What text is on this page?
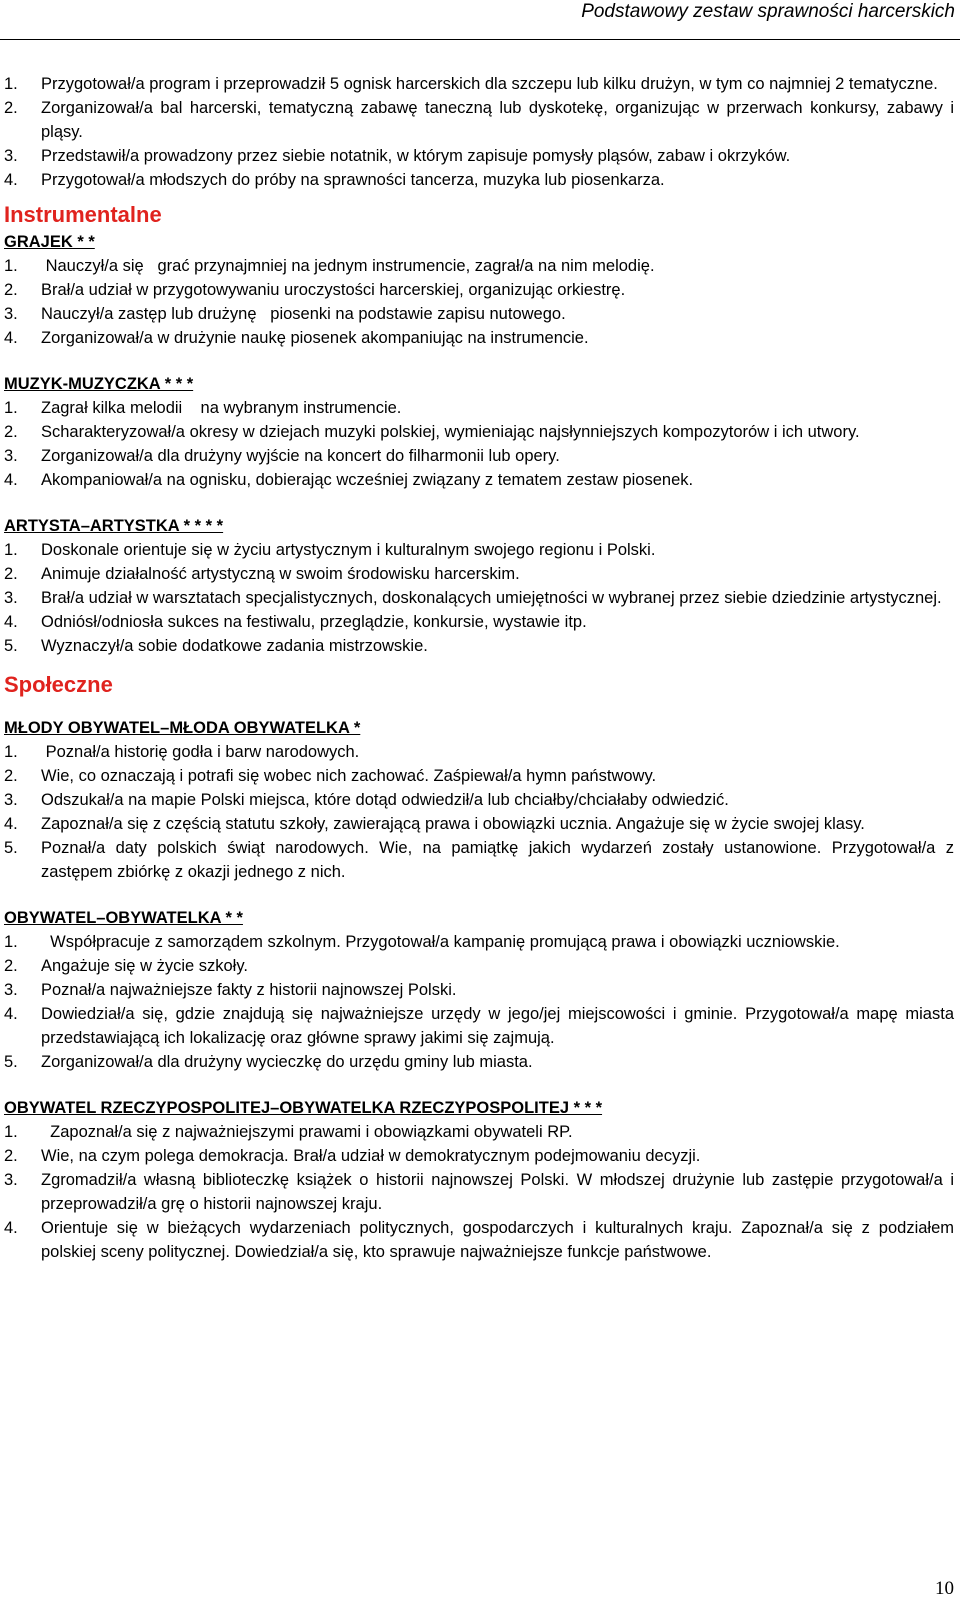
Podstawowy zestaw sprawności harcerskich
1. Przygotował/a program i przeprowadził 5 ognisk harcerskich dla szczepu lub kilku drużyn, w tym co najmniej 2 tematyczne.
2. Zorganizował/a bal harcerski, tematyczną zabawę taneczną lub dyskotekę, organizując w przerwach konkursy, zabawy i pląsy.
3. Przedstawił/a prowadzony przez siebie notatnik, w którym zapisuje pomysły pląsów, zabaw i okrzyków.
4. Przygotował/a młodszych do próby na sprawności tancerza, muzyka lub piosenkarza.
Instrumentalne
GRAJEK * *
1. Nauczył/a się   grać przynajmniej na jednym instrumencie, zagrał/a na nim melodię.
2. Brał/a udział w przygotowywaniu uroczystości harcerskiej, organizując orkiestrę.
3. Nauczył/a zastęp lub drużynę   piosenki na podstawie zapisu nutowego.
4. Zorganizował/a w drużynie naukę piosenek akompaniując na instrumencie.
MUZYK-MUZYCZKA * * *
1. Zagrał kilka melodii    na wybranym instrumencie.
2. Scharakteryzował/a okresy w dziejach muzyki polskiej, wymieniając najsłynniejszych kompozytorów i ich utwory.
3. Zorganizował/a dla drużyny wyjście na koncert do filharmonii lub opery.
4. Akompaniował/a na ognisku, dobierając wcześniej związany z tematem zestaw piosenek.
ARTYSTA–ARTYSTKA * * * *
1. Doskonale orientuje się w życiu artystycznym i kulturalnym swojego regionu i Polski.
2. Animuje działalność artystyczną w swoim środowisku harcerskim.
3. Brał/a udział w warsztatach specjalistycznych, doskonalących umiejętności w wybranej przez siebie dziedzinie artystycznej.
4. Odniósł/odniosła sukces na festiwalu, przeglądzie, konkursie, wystawie itp.
5. Wyznaczył/a sobie dodatkowe zadania mistrzowskie.
Społeczne
MŁODY OBYWATEL–MŁODA OBYWATELKA *
1. Poznał/a historię godła i barw narodowych.
2. Wie, co oznaczają i potrafi się wobec nich zachować. Zaśpiewał/a hymn państwowy.
3. Odszukał/a na mapie Polski miejsca, które dotąd odwiedził/a lub chciałby/chciałaby odwiedzić.
4. Zapoznał/a się z częścią statutu szkoły, zawierającą prawa i obowiązki ucznia. Angażuje się w życie swojej klasy.
5. Poznał/a daty polskich świąt narodowych. Wie, na pamiątkę jakich wydarzeń zostały ustanowione. Przygotował/a z zastępem zbiórkę z okazji jednego z nich.
OBYWATEL–OBYWATELKA * *
1. Współpracuje z samorządem szkolnym. Przygotował/a kampanię promującą prawa i obowiązki uczniowskie.
2. Angażuje się w życie szkoły.
3. Poznał/a najważniejsze fakty z historii najnowszej Polski.
4. Dowiedział/a się, gdzie znajdują się najważniejsze urzędy w jego/jej miejscowości i gminie. Przygotował/a mapę miasta przedstawiającą ich lokalizację oraz główne sprawy jakimi się zajmują.
5. Zorganizował/a dla drużyny wycieczkę do urzędu gminy lub miasta.
OBYWATEL RZECZYPOSPOLITEJ–OBYWATELKA RZECZYPOSPOLITEJ * * *
1. Zapoznał/a się z najważniejszymi prawami i obowiązkami obywateli RP.
2. Wie, na czym polega demokracja. Brał/a udział w demokratycznym podejmowaniu decyzji.
3. Zgromadził/a własną biblioteczkę książek o historii najnowszej Polski. W młodszej drużynie lub zastępie przygotował/a i przeprowadził/a grę o historii najnowszej kraju.
4. Orientuje się w bieżących wydarzeniach politycznych, gospodarczych i kulturalnych kraju. Zapoznał/a się z podziałem polskiej sceny politycznej. Dowiedział/a się, kto sprawuje najważniejsze funkcje państwowe.
10
